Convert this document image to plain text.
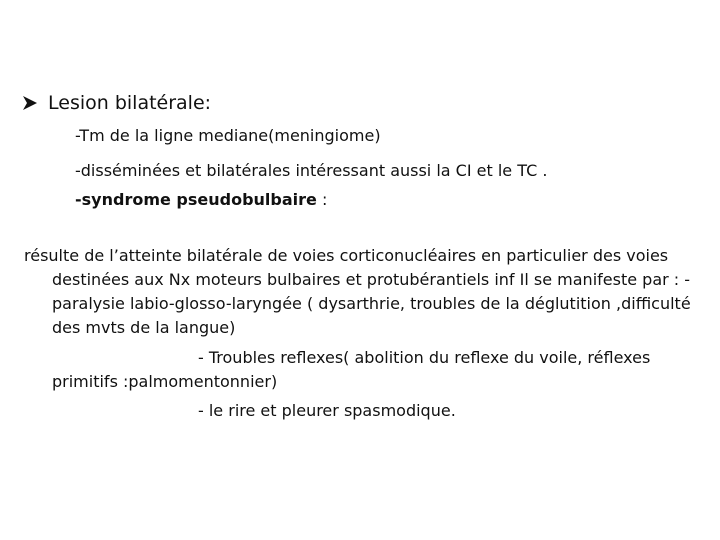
Lesion bilatérale:
-Tm de la ligne mediane(meningiome)
-disséminées et bilatérales intéressant aussi la CI et le TC .
-syndrome pseudobulbaire :
résulte de l’atteinte bilatérale de voies corticonucléaires en particulier des voies
destinées aux Nx moteurs bulbaires et protubérantiels inf Il se manifeste par : -
paralysie labio-glosso-laryngée ( dysarthrie, troubles de la déglutition ,difficulté
des mvts de la langue)
- Troubles reflexes( abolition du reflexe du voile, réflexes
primitifs :palmomentonnier)
- le rire et pleurer spasmodique.
